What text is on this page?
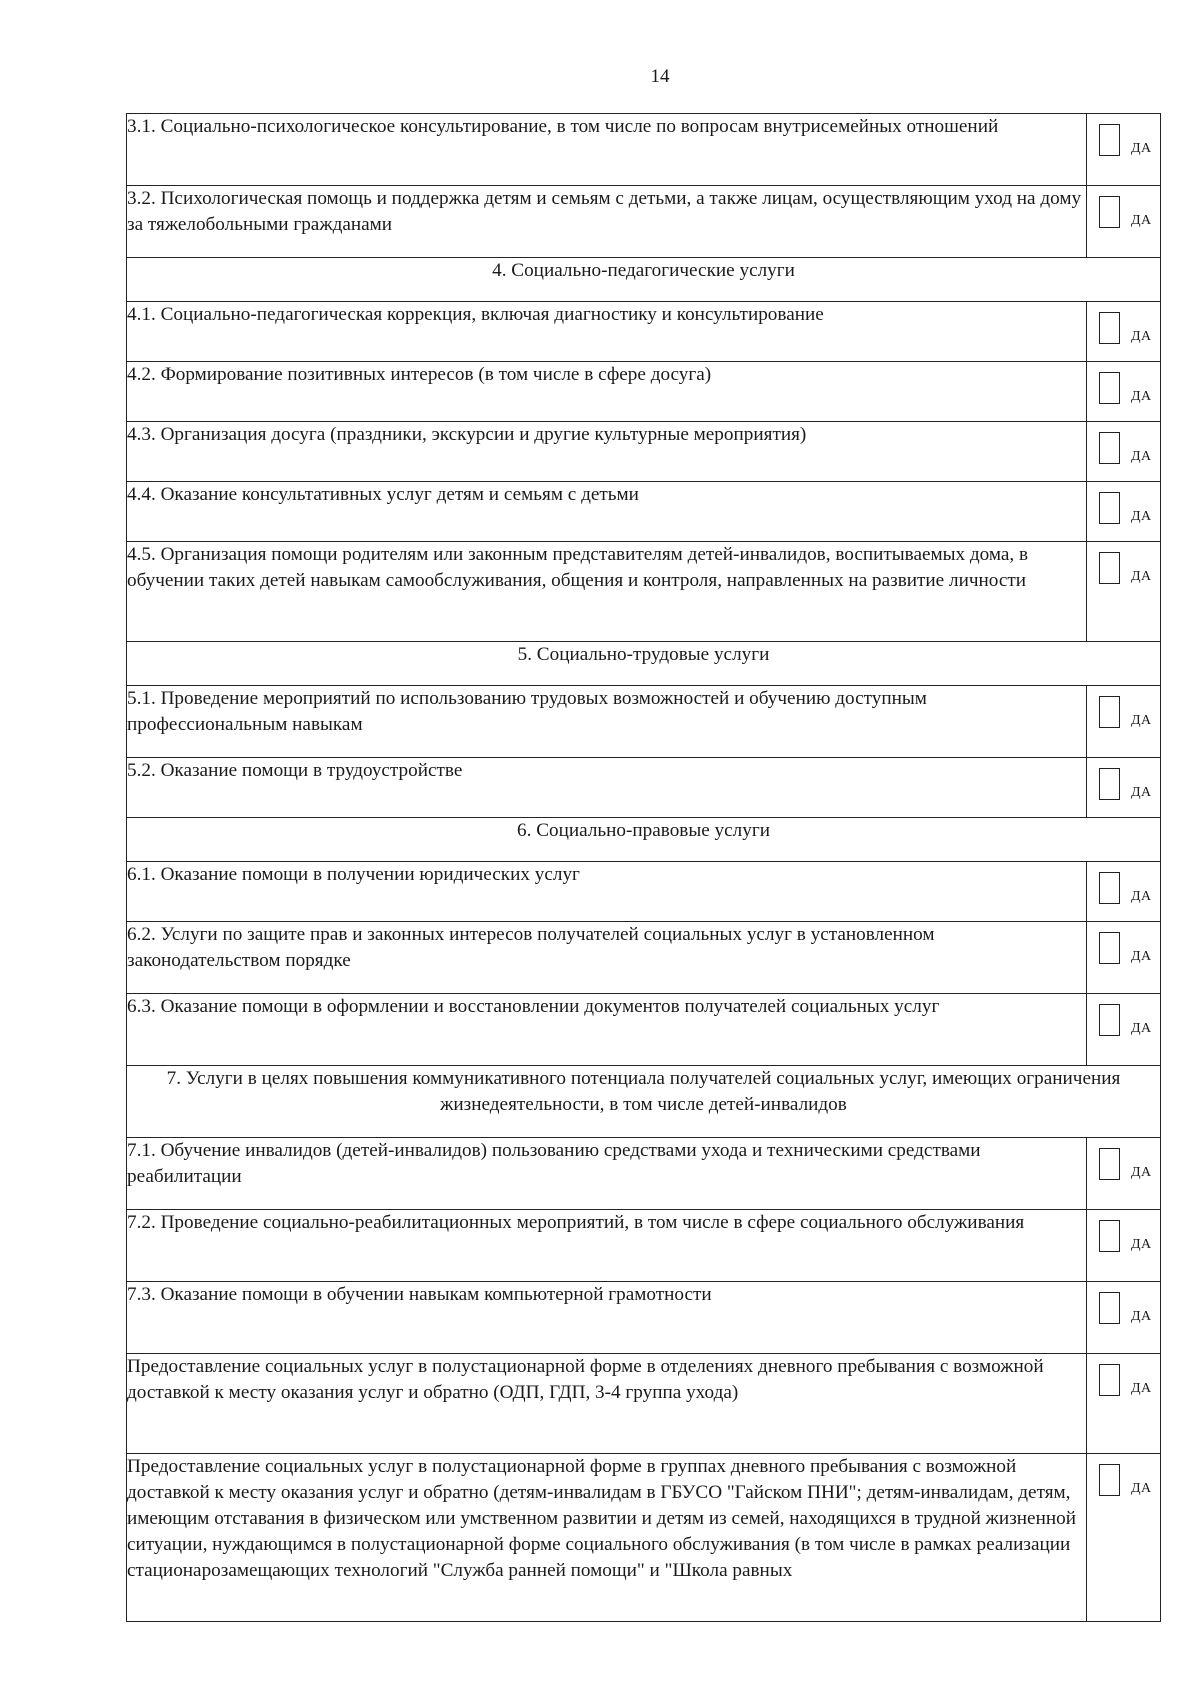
14
3.1. Социально-психологическое консультирование, в том числе по вопросам внутрисемейных отношений	ДА

3.2. Психологическая помощь и поддержка детям и семьям с детьми, а также лицам, осуществляющим уход на дому за тяжелобольными гражданами	ДА

4. Социально-педагогические услуги	
4.1. Социально-педагогическая коррекция, включая диагностику и консультирование	ДА

4.2. Формирование позитивных интересов (в том числе в сфере досуга)	ДА

4.3. Организация досуга (праздники, экскурсии и другие культурные мероприятия)	ДА

4.4. Оказание консультативных услуг детям и семьям с детьми	ДА

4.5. Организация помощи родителям или законным представителям детей-инвалидов, воспитываемых дома, в обучении таких детей навыкам самообслуживания, общения и контроля, направленных на развитие личности	ДА

5. Социально-трудовые услуги	
5.1. Проведение мероприятий по использованию трудовых возможностей и обучению доступным профессиональным навыкам	ДА

5.2. Оказание помощи в трудоустройстве	ДА

6. Социально-правовые услуги	
6.1. Оказание помощи в получении юридических услуг	ДА

6.2. Услуги по защите прав и законных интересов получателей социальных услуг в установленном законодательством порядке	ДА

6.3. Оказание помощи в оформлении и восстановлении документов получателей социальных услуг	ДА

7. Услуги в целях повышения коммуникативного потенциала получателей социальных услуг, имеющих ограничения жизнедеятельности, в том числе детей-инвалидов	
7.1. Обучение инвалидов (детей-инвалидов) пользованию средствами ухода и техническими средствами реабилитации	ДА

7.2. Проведение социально-реабилитационных мероприятий, в том числе в сфере социального обслуживания	ДА

7.3. Оказание помощи в обучении навыкам компьютерной грамотности	ДА

Предоставление социальных услуг в полустационарной форме в отделениях дневного пребывания с возможной доставкой к месту оказания услуг и обратно (ОДП, ГДП, 3-4 группа ухода)	ДА

Предоставление социальных услуг в полустационарной форме в группах дневного пребывания с возможной доставкой к месту оказания услуг и обратно (детям-инвалидам в ГБУСО "Гайском ПНИ"; детям-инвалидам, детям, имеющим отставания в физическом или умственном развитии и детям из семей, находящихся в трудной жизненной ситуации, нуждающимся в полустационарной форме социального обслуживания (в том числе в рамках реализации стационарозамещающих технологий "Служба ранней помощи" и "Школа равных	ДА
